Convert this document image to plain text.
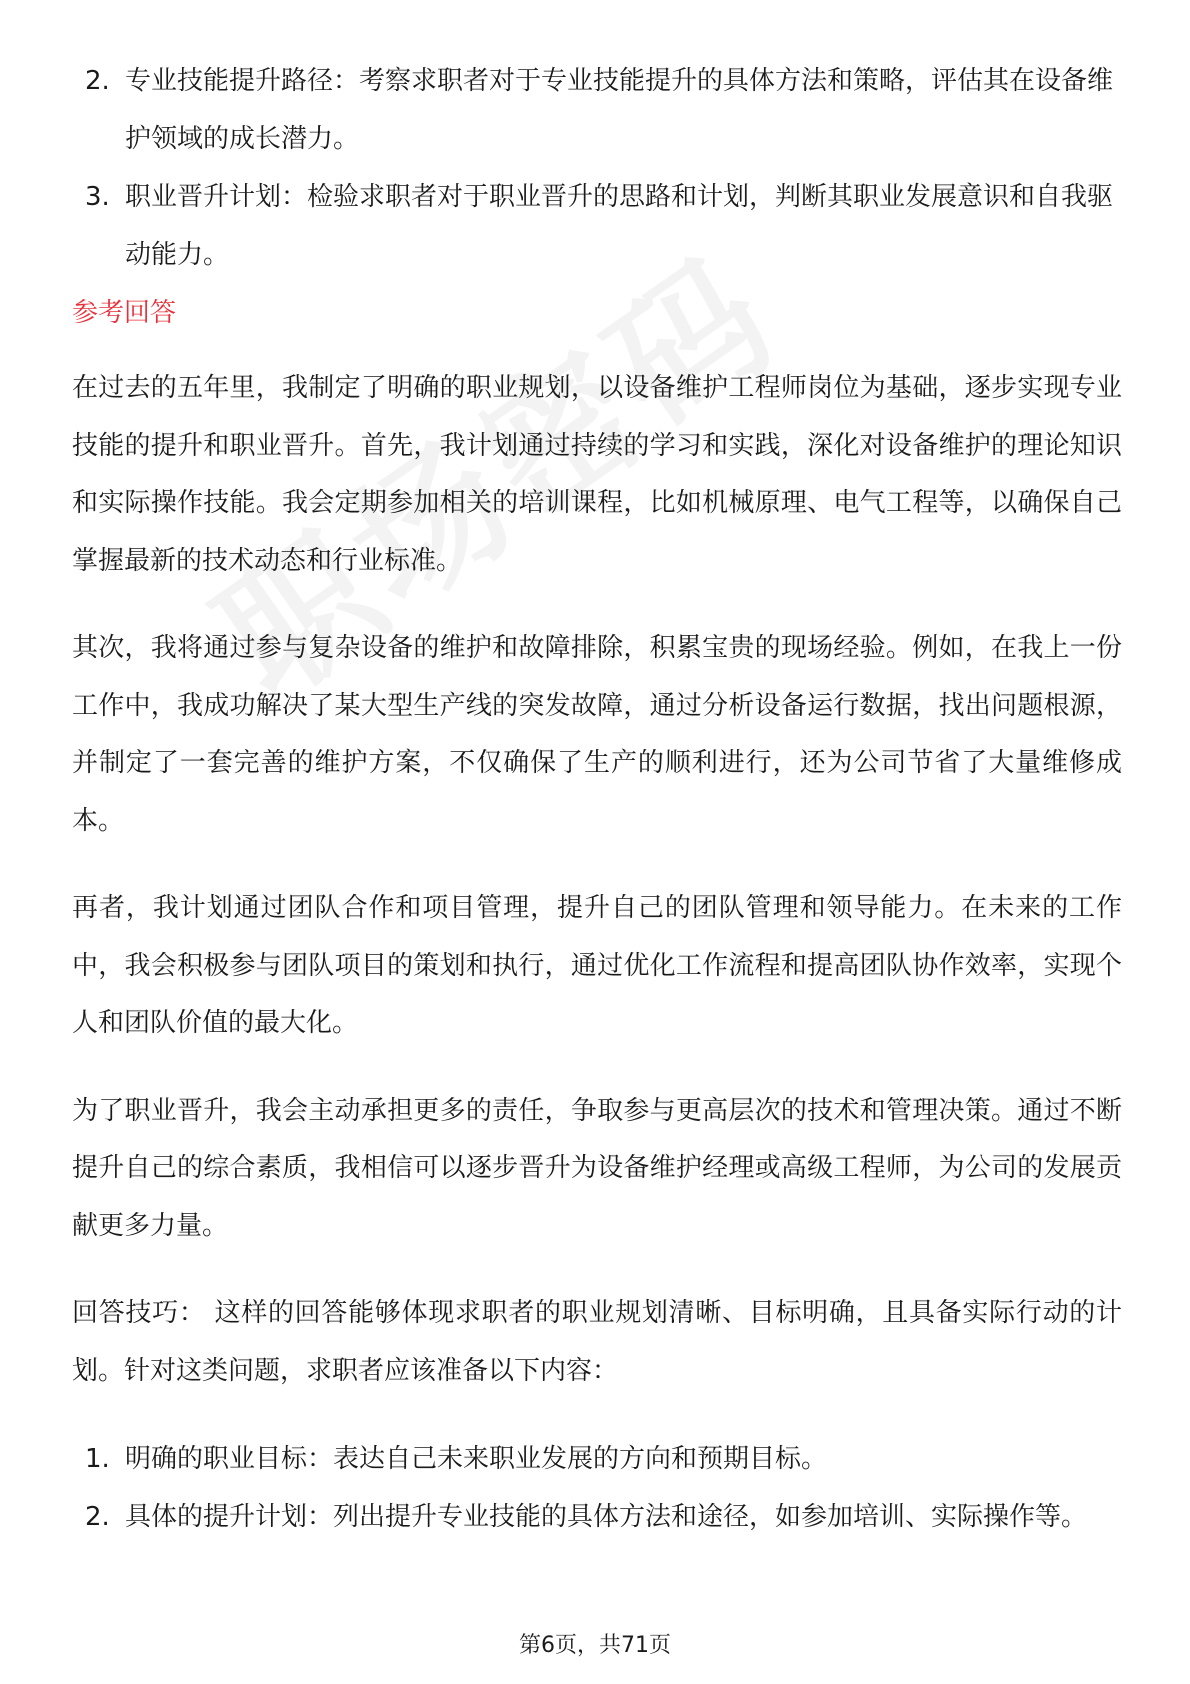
2. 专业技能提升路径：考察求职者对于专业技能提升的具体方法和策略，评估其在设备维护领域的成长潜力。
3. 职业晋升计划：检验求职者对于职业晋升的思路和计划，判断其职业发展意识和自我驱动能力。
参考回答

在过去的五年里，我制定了明确的职业规划，以设备维护工程师岗位为基础，逐步实现专业技能的提升和职业晋升。首先，我计划通过持续的学习和实践，深化对设备维护的理论知识和实际操作技能。我会定期参加相关的培训课程，比如机械原理、电气工程等，以确保自己掌握最新的技术动态和行业标准。

其次，我将通过参与复杂设备的维护和故障排除，积累宝贵的现场经验。例如，在我上一份工作中，我成功解决了某大型生产线的突发故障，通过分析设备运行数据，找出问题根源，并制定了一套完善的维护方案，不仅确保了生产的顺利进行，还为公司节省了大量维修成本。

再者，我计划通过团队合作和项目管理，提升自己的团队管理和领导能力。在未来的工作中，我会积极参与团队项目的策划和执行，通过优化工作流程和提高团队协作效率，实现个人和团队价值的最大化。

为了职业晋升，我会主动承担更多的责任，争取参与更高层次的技术和管理决策。通过不断提升自己的综合素质，我相信可以逐步晋升为设备维护经理或高级工程师，为公司的发展贡献更多力量。

回答技巧： 这样的回答能够体现求职者的职业规划清晰、目标明确，且具备实际行动的计划。针对这类问题，求职者应该准备以下内容：

1. 明确的职业目标：表达自己未来职业发展的方向和预期目标。
2. 具体的提升计划：列出提升专业技能的具体方法和途径，如参加培训、实际操作等。
第6页，共71页
